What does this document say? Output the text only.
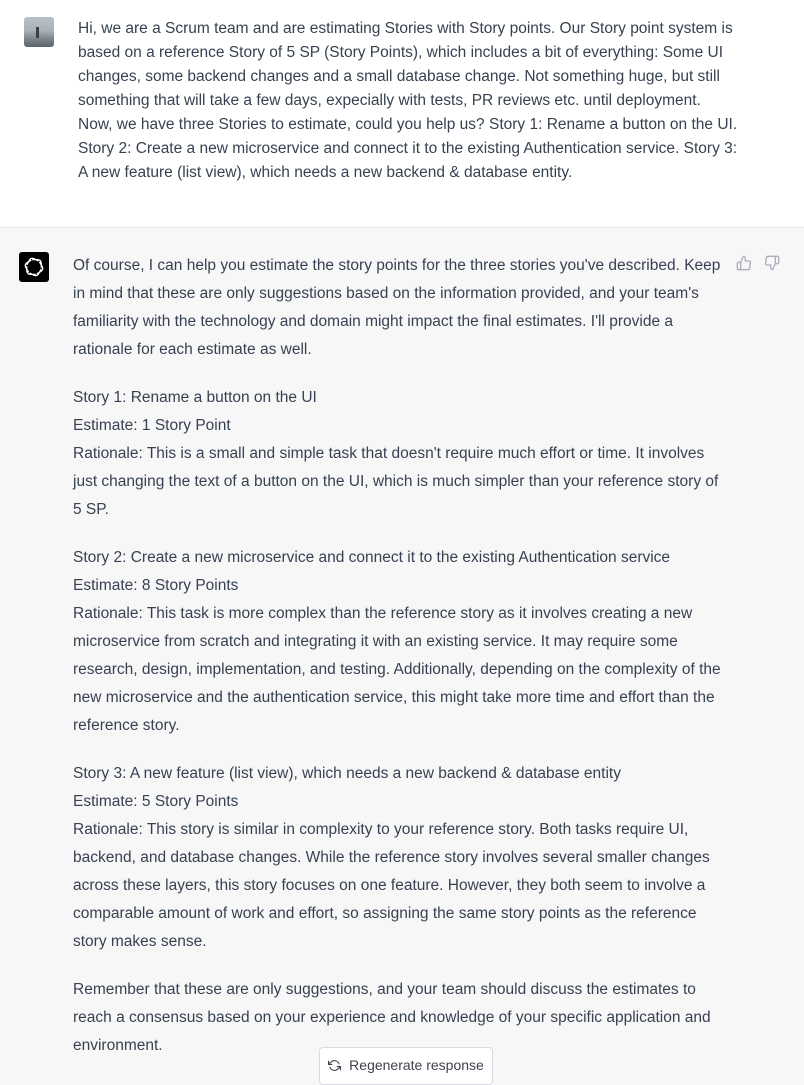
Hi, we are a Scrum team and are estimating Stories with Story points. Our Story point system is based on a reference Story of 5 SP (Story Points), which includes a bit of everything: Some UI changes, some backend changes and a small database change. Not something huge, but still something that will take a few days, expecially with tests, PR reviews etc. until deployment. Now, we have three Stories to estimate, could you help us? Story 1: Rename a button on the UI. Story 2: Create a new microservice and connect it to the existing Authentication service. Story 3: A new feature (list view), which needs a new backend & database entity.

Of course, I can help you estimate the story points for the three stories you've described. Keep in mind that these are only suggestions based on the information provided, and your team's familiarity with the technology and domain might impact the final estimates. I'll provide a rationale for each estimate as well.

Story 1: Rename a button on the UI
Estimate: 1 Story Point
Rationale: This is a small and simple task that doesn't require much effort or time. It involves just changing the text of a button on the UI, which is much simpler than your reference story of 5 SP.

Story 2: Create a new microservice and connect it to the existing Authentication service
Estimate: 8 Story Points
Rationale: This task is more complex than the reference story as it involves creating a new microservice from scratch and integrating it with an existing service. It may require some research, design, implementation, and testing. Additionally, depending on the complexity of the new microservice and the authentication service, this might take more time and effort than the reference story.

Story 3: A new feature (list view), which needs a new backend & database entity
Estimate: 5 Story Points
Rationale: This story is similar in complexity to your reference story. Both tasks require UI, backend, and database changes. While the reference story involves several smaller changes across these layers, this story focuses on one feature. However, they both seem to involve a comparable amount of work and effort, so assigning the same story points as the reference story makes sense.

Remember that these are only suggestions, and your team should discuss the estimates to reach a consensus based on your experience and knowledge of your specific application and environment.

Regenerate response
